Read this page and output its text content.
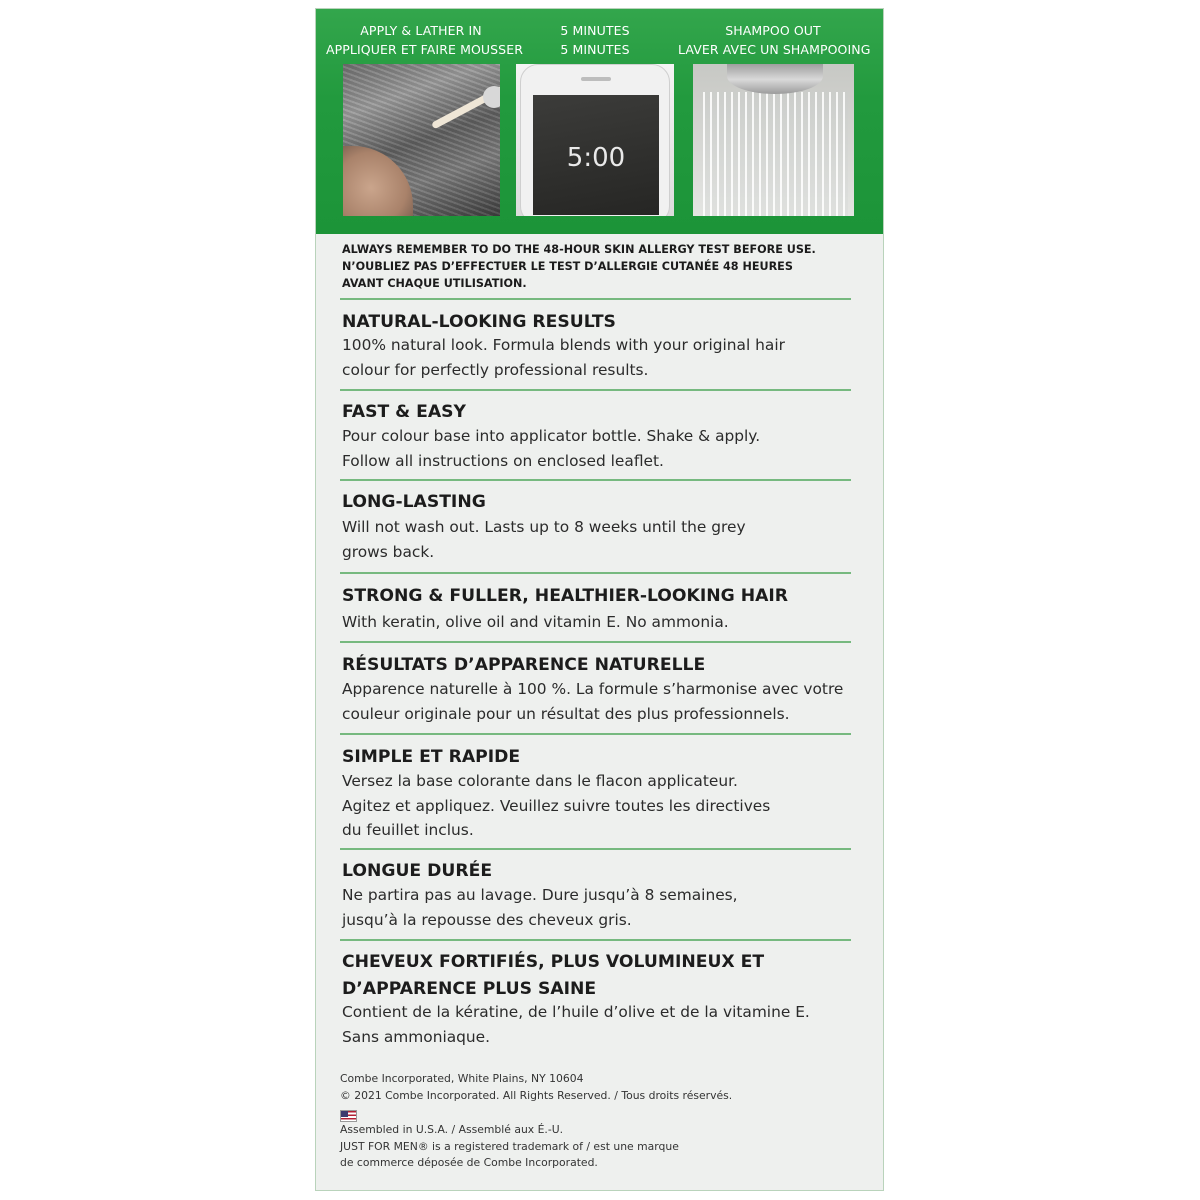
APPLY & LATHER IN
APPLIQUER ET FAIRE MOUSSER
5 MINUTES
5 MINUTES
SHAMPOO OUT
LAVER AVEC UN SHAMPOOING
5:00
ALWAYS REMEMBER TO DO THE 48-HOUR SKIN ALLERGY TEST BEFORE USE.
N’OUBLIEZ PAS D’EFFECTUER LE TEST D’ALLERGIE CUTANÉE 48 HEURES
AVANT CHAQUE UTILISATION.
NATURAL-LOOKING RESULTS
100% natural look. Formula blends with your original hair
colour for perfectly professional results.
FAST & EASY
Pour colour base into applicator bottle. Shake & apply.
Follow all instructions on enclosed leaflet.
LONG-LASTING
Will not wash out. Lasts up to 8 weeks until the grey
grows back.
STRONG & FULLER, HEALTHIER-LOOKING HAIR
With keratin, olive oil and vitamin E. No ammonia.
RÉSULTATS D’APPARENCE NATURELLE
Apparence naturelle à 100 %. La formule s’harmonise avec votre
couleur originale pour un résultat des plus professionnels.
SIMPLE ET RAPIDE
Versez la base colorante dans le flacon applicateur.
Agitez et appliquez. Veuillez suivre toutes les directives
du feuillet inclus.
LONGUE DURÉE
Ne partira pas au lavage. Dure jusqu’à 8 semaines,
jusqu’à la repousse des cheveux gris.
CHEVEUX FORTIFIÉS, PLUS VOLUMINEUX ET
D’APPARENCE PLUS SAINE
Contient de la kératine, de l’huile d’olive et de la vitamine E.
Sans ammoniaque.
Combe Incorporated, White Plains, NY 10604
© 2021 Combe Incorporated. All Rights Reserved. / Tous droits réservés.
Assembled in U.S.A. / Assemblé aux É.-U.
JUST FOR MEN® is a registered trademark of / est une marque
de commerce déposée de Combe Incorporated.
